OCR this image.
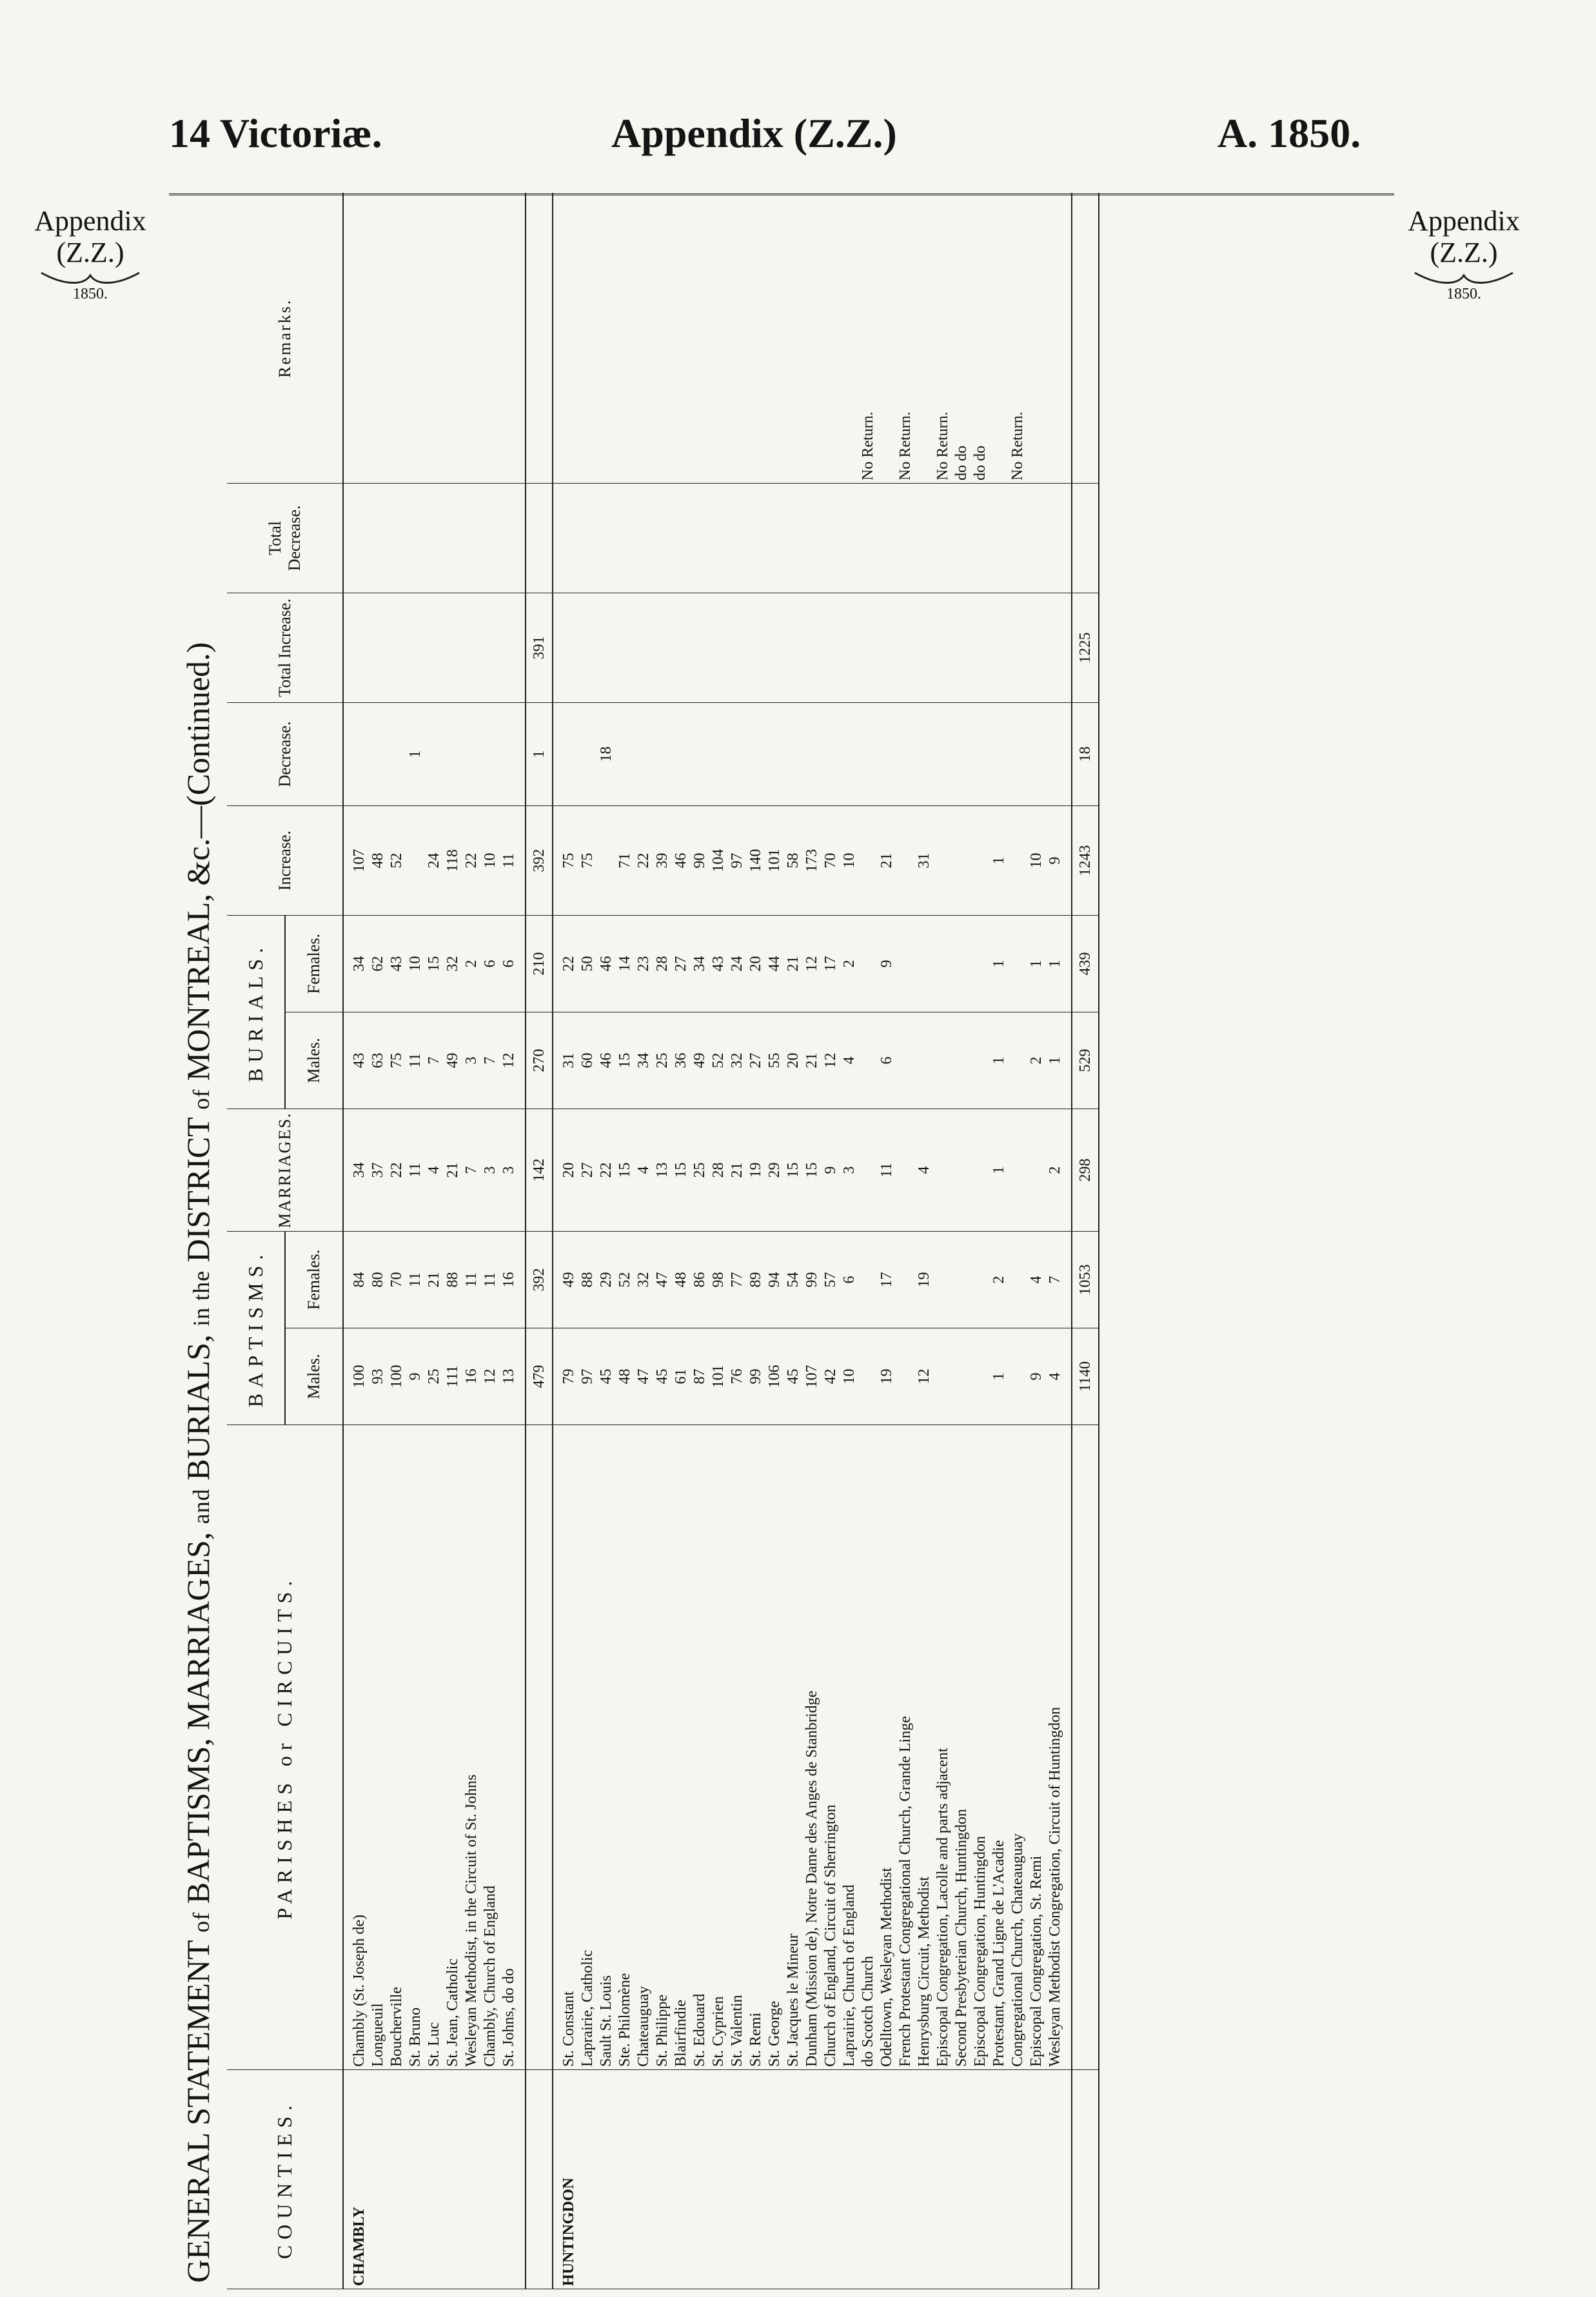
14 Victoriæ.	Appendix (Z.Z.)	A. 1850.
Appendix
(Z.Z.)
1850.
Appendix
(Z.Z.)
1850.
GENERAL STATEMENT of BAPTISMS, MARRIAGES, and BURIALS, in the DISTRICT of MONTREAL, &c.—(Continued.)
COUNTIES.	PARISHES or CIRCUITS.	BAPTISMS.		MARRIAGES.	BURIALS.		Increase.	Decrease.	Total Increase.	Total Decrease.	Remarks.
		Males.	Females.		Males.	Females.					

CHAMBLY	Chambly (St. Joseph de)	100	84	34	43	34	107				
	Longueuil	93	80	37	63	62	48				
	Boucherville	100	70	22	75	43	52				
	St. Bruno	9	11	11	11	10		1			
	St. Luc	25	21	4	7	15	24				
	St. Jean, Catholic	111	88	21	49	32	118				
	Wesleyan Methodist, in the Circuit of St. Johns	16	11	7	3	2	22				
	Chambly, Church of England	12	11	3	7	6	10				
	St. Johns, do do	13	16	3	12	6	11				

		479	392	142	270	210	392	1	391		

HUNTINGDON	St. Constant	79	49	20	31	22	75				
	Laprairie, Catholic	97	88	27	60	50	75				
	Sault St. Louis	45	29	22	46	46		18			
	Ste. Philomène	48	52	15	15	14	71				
	Chateauguay	47	32	4	34	23	22				
	St. Philippe	45	47	13	25	28	39				
	Blairfindie	61	48	15	36	27	46				
	St. Edouard	87	86	25	49	34	90				
	St. Cyprien	101	98	28	52	43	104				
	St. Valentin	76	77	21	32	24	97				
	St. Remi	99	89	19	27	20	140				
	St. George	106	94	29	55	44	101				
	St. Jacques le Mineur	45	54	15	20	21	58				
	Dunham (Mission de), Notre Dame des Anges de Stanbridge	107	99	15	21	12	173				
	Church of England, Circuit of Sherrington	42	57	9	12	17	70				
	Laprairie, Church of England	10	6	3	4	2	10				
	do Scotch Church										No Return.
	Odelltown, Wesleyan Methodist	19	17	11	6	9	21				
	French Protestant Congregational Church, Grande Linge										No Return.
	Henrysburg Circuit, Methodist	12	19	4			31				
	Episcopal Congregation, Lacolle and parts adjacent										No Return.
	Second Presbyterian Church, Huntingdon										do do
	Episcopal Congregation, Huntingdon										do do
	Protestant, Grand Ligne de L'Acadie	1	2	1	1	1	1				
	Congregational Church, Chateauguay										No Return.
	Episcopal Congregation, St. Remi	9	4		2	1	10				
	Wesleyan Methodist Congregation, Circuit of Huntingdon	4	7	2	1	1	9				

		1140	1053	298	529	439	1243	18	1225		
